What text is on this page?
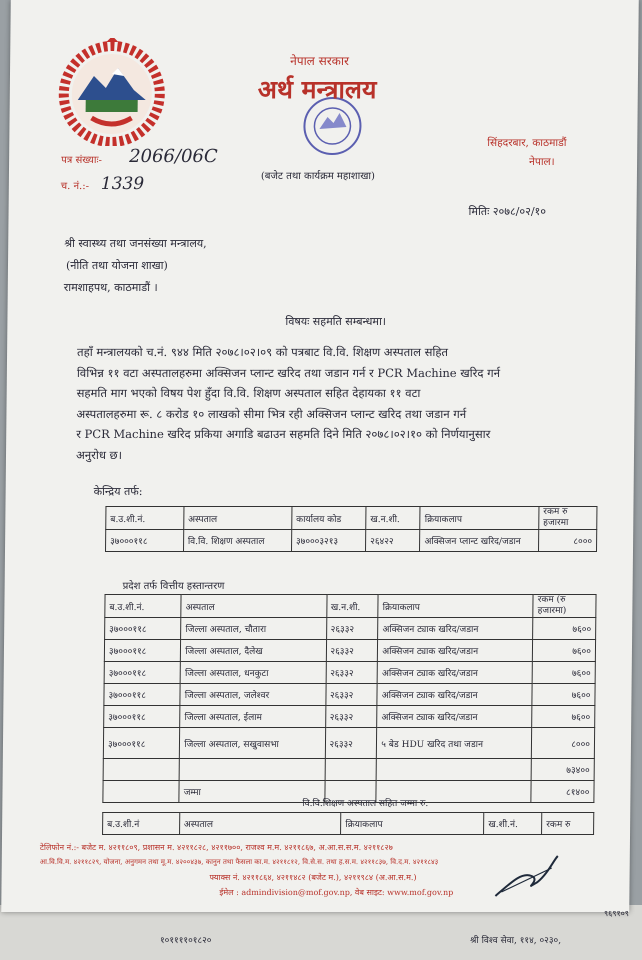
१०११११०१८२०	श्री विश्व सेवा, ११४, ०२३०,
नेपाल सरकार
अर्थ मन्त्रालय
(बजेट तथा कार्यक्रम महाशाखा)
सिंहदरबार, काठमाडौं
नेपाल।
पत्र संख्याः- 2066/06C
च. नं.:- 1339
मितिः २०७८/०२/१०
श्री स्वास्थ्य तथा जनसंख्या मन्त्रालय,
(नीति तथा योजना शाखा)
रामशाहपथ, काठमाडौं ।
विषयः सहमति सम्बन्धमा।

तहाँ मन्त्रालयको च.नं. ९४४ मिति २०७८।०२।०९ को पत्रबाट वि.वि. शिक्षण अस्पताल सहित

विभिन्न ११ वटा अस्पतालहरुमा अक्सिजन प्लान्ट खरिद तथा जडान गर्न र PCR Machine खरिद गर्न

सहमति माग भएको विषय पेश हुँदा वि.वि. शिक्षण अस्पताल सहित देहायका ११ वटा

अस्पतालहरुमा रू. ८ करोड १० लाखको सीमा भित्र रही अक्सिजन प्लान्ट खरिद तथा जडान गर्न

र PCR Machine खरिद प्रकिया अगाडि बढाउन सहमति दिने मिति २०७८।०२।१० को निर्णयानुसार

अनुरोध छ।

केन्द्रिय तर्फ:
ब.उ.शी.नं.	अस्पताल	कार्यालय कोड	ख.न.शी.	क्रियाकलाप	रकम रु हजारमा
३७०००११८	वि.वि. शिक्षण अस्पताल	३७०००३२१३	२६४२२	अक्सिजन प्लान्ट खरिद/जडान	८०००
प्रदेश तर्फ वित्तीय हस्तान्तरण
ब.उ.शी.नं.	अस्पताल	ख.न.शी.	क्रियाकलाप	रकम (रु हजारमा)
३७०००११८	जिल्ला अस्पताल, चौतारा	२६३३२	अक्सिजन ट्याक खरिद/जडान	७६००
३७०००११८	जिल्ला अस्पताल, दैलेख	२६३३२	अक्सिजन ट्याक खरिद/जडान	७६००
३७०००११८	जिल्ला अस्पताल, धनकुटा	२६३३२	अक्सिजन ट्याक खरिद/जडान	७६००
३७०००११८	जिल्ला अस्पताल, जलेश्वर	२६३३२	अक्सिजन ट्याक खरिद/जडान	७६००
३७०००११८	जिल्ला अस्पताल, ईलाम	२६३३२	अक्सिजन ट्याक खरिद/जडान	७६००
३७०००११८	जिल्ला अस्पताल, सखुवासभा	२६३३२	५ बेड HDU खरिद तथा जडान	८०००
				७३४००
	जम्मा			८१४००
वि.वि.शिक्षण अस्पताल सहित जम्मा रु.
ब.उ.शी.नं	अस्पताल	क्रियाकलाप	ख.शी.नं.	रकम रु

टेलिफोन नं.:- बजेट म. ४२११८०९, प्रशासन म. ४२११८२८, ४२११७००, राजश्व म.म. ४२११८६७, अ.आ.स.स.म. ४२११८२७

आ.वि.वि.म. ४२११८२९, योजना, अनुगमन तथा मू.म. ४२००४३७, कानुन तथा फैसला का.म. ४२११८१२, वि.से.स. तथा ह.स.म. ४२११८३७, वि.द.म. ४२११८४३

फ्याक्स नं. ४२११८६४, ४२११४८२ (बजेट म.), ४२११९८४ (अ.आ.स.म.)

ईमेल : admindivision@mof.gov.np, वेब साइट: www.mof.gov.np

९६९१०९
